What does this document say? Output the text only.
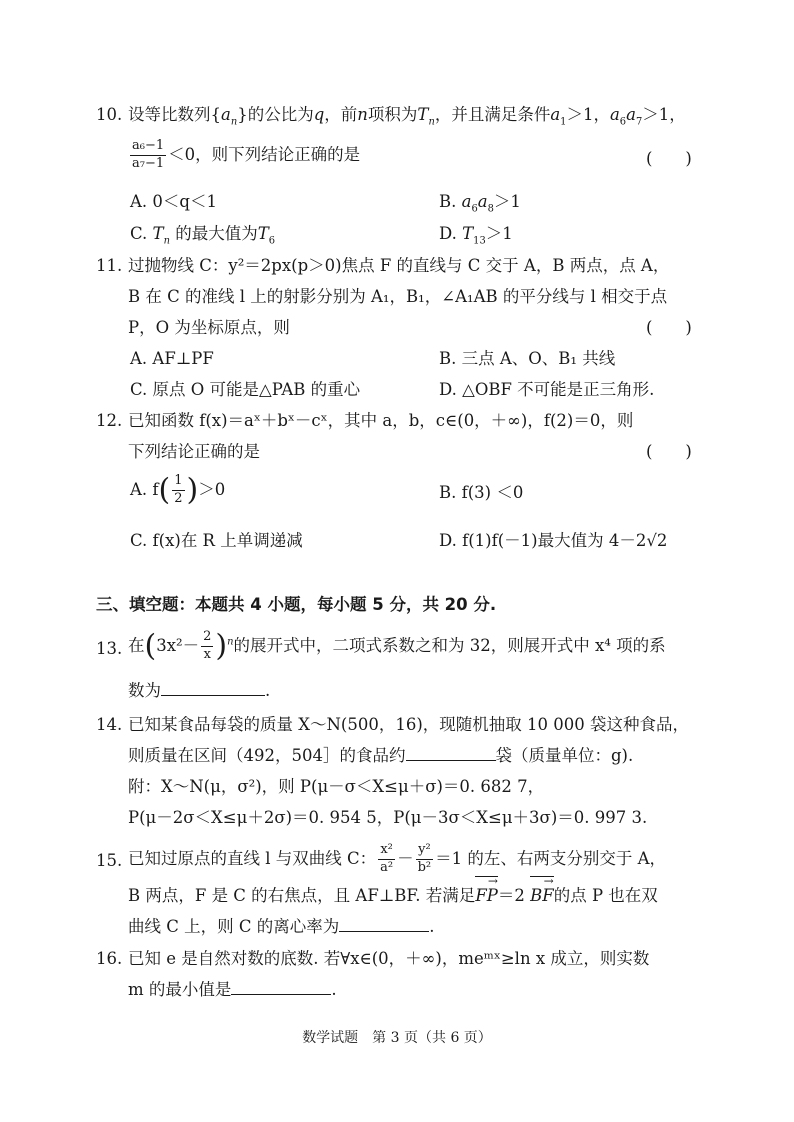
10. 设等比数列$\{a_n\}$的公比为q，前n项积为$T_n$，并且满足条件$a_1>1$，$a_6a_7>1$，
$\frac{\text{a₆−1}}{\text{a₇−1}} <0$，则下列结论正确的是	(　　)
A. 0＜q＜1	B. $a_6a_8>1$
C. $T_n$ 的最大值为$T_6$	D. $T_{13}>1$
11. 过抛物线 C：y²＝2px(p＞0)焦点 F 的直线与 C 交于 A，B 两点，点 A，
B 在 C 的准线 l 上的射影分别为 A₁，B₁，∠A₁AB 的平分线与 l 相交于点
P，O 为坐标原点，则	(　　)
A. AF⊥PF	B. 三点 A、O、B₁ 共线
C. 原点 O 可能是△PAB 的重心	D. △OBF 不可能是正三角形.
12. 已知函数 f(x)＝aˣ＋bˣ－cˣ，其中 a，b，c∈(0，＋∞)，f(2)＝0，则
下列结论正确的是	(　　)
A. $f( \frac{1}{2} )>0$	B. f(3) ＜0
C. f(x)在 R 上单调递减	D. f(1)f(－1)最大值为 4－2√2
三、填空题：本题共 4 小题，每小题 5 分，共 20 分.
13. 在$(3x^2- \frac{2}{x} )^n$的展开式中，二项式系数之和为 32，则展开式中 x⁴ 项的系
数为	.
14. 已知某食品每袋的质量 X～N(500，16)，现随机抽取 10 000 袋这种食品，
则质量在区间（492，504］的食品约	袋（质量单位：g).
附：X～N(μ，σ²)，则 P(μ－σ＜X≤μ＋σ)＝0. 682 7，
P(μ－2σ＜X≤μ＋2σ)＝0. 954 5，P(μ－3σ＜X≤μ＋3σ)＝0. 997 3.
15. 已知过原点的直线 l 与双曲线 C： $\frac{\text{x²}}{\text{a²}} - \frac{\text{y²}}{\text{b²}} =1$ 的左、右两支分别交于 A，
B 两点，F 是 C 的右焦点，且 AF⊥BF. 若满足→ FP＝2 → BF的点 P 也在双
曲线 C 上，则 C 的离心率为	.
16. 已知 e 是自然对数的底数. 若∀x∈(0，＋∞)，meᵐˣ≥ln x 成立，则实数
m 的最小值是	.
数学试题　第 3 页（共 6 页）
